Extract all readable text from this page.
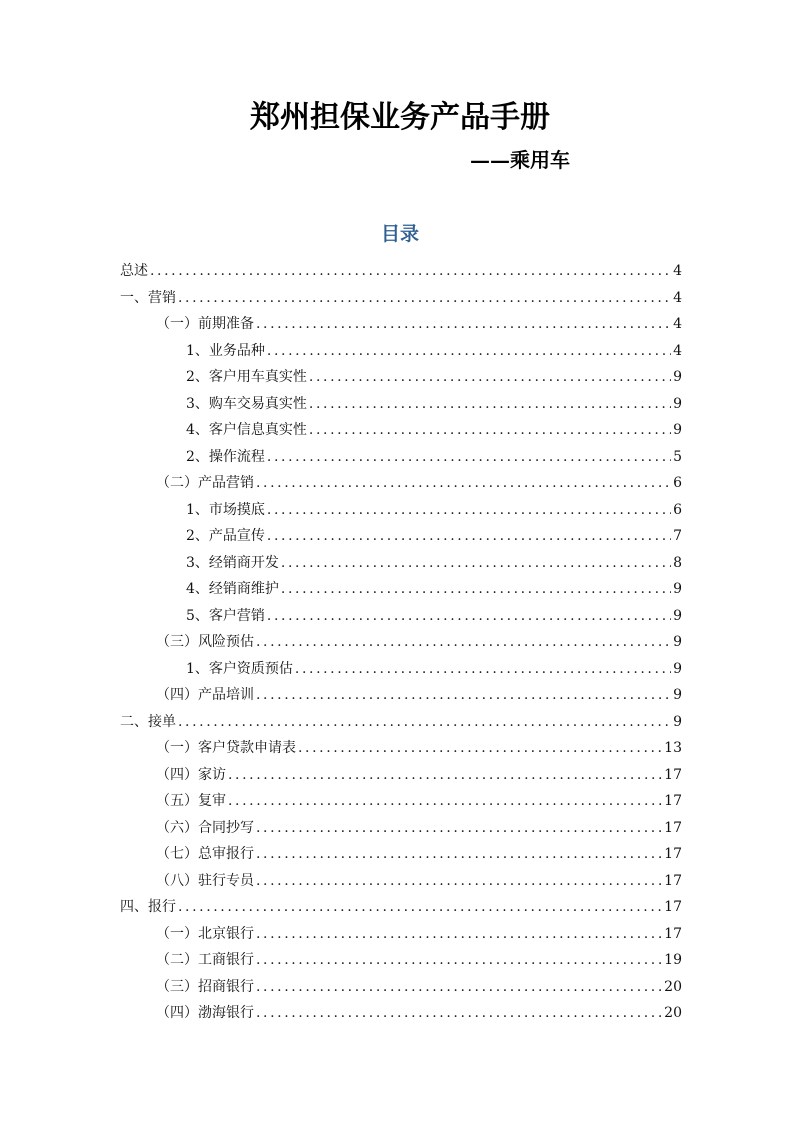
郑州担保业务产品手册
——乘用车
目录
总述 .....	4
一、营销 .....	4
（一）前期准备 .....	4
1、业务品种 .....	4
2、客户用车真实性 .....	9
3、购车交易真实性 .....	9
4、客户信息真实性 .....	9
2、操作流程 .....	5
（二）产品营销 .....	6
1、市场摸底 .....	6
2、产品宣传 .....	7
3、经销商开发 .....	8
4、经销商维护 .....	9
5、客户营销 .....	9
（三）风险预估 .....	9
1、客户资质预估 .....	9
（四）产品培训 .....	9
二、接单 .....	9
（一）客户贷款申请表 .....	13
（四）家访 .....	17
（五）复审 .....	17
（六）合同抄写 .....	17
（七）总审报行 .....	17
（八）驻行专员 .....	17
四、报行 .....	17
（一）北京银行 .....	17
（二）工商银行 .....	19
（三）招商银行 .....	20
（四）渤海银行 .....	20
